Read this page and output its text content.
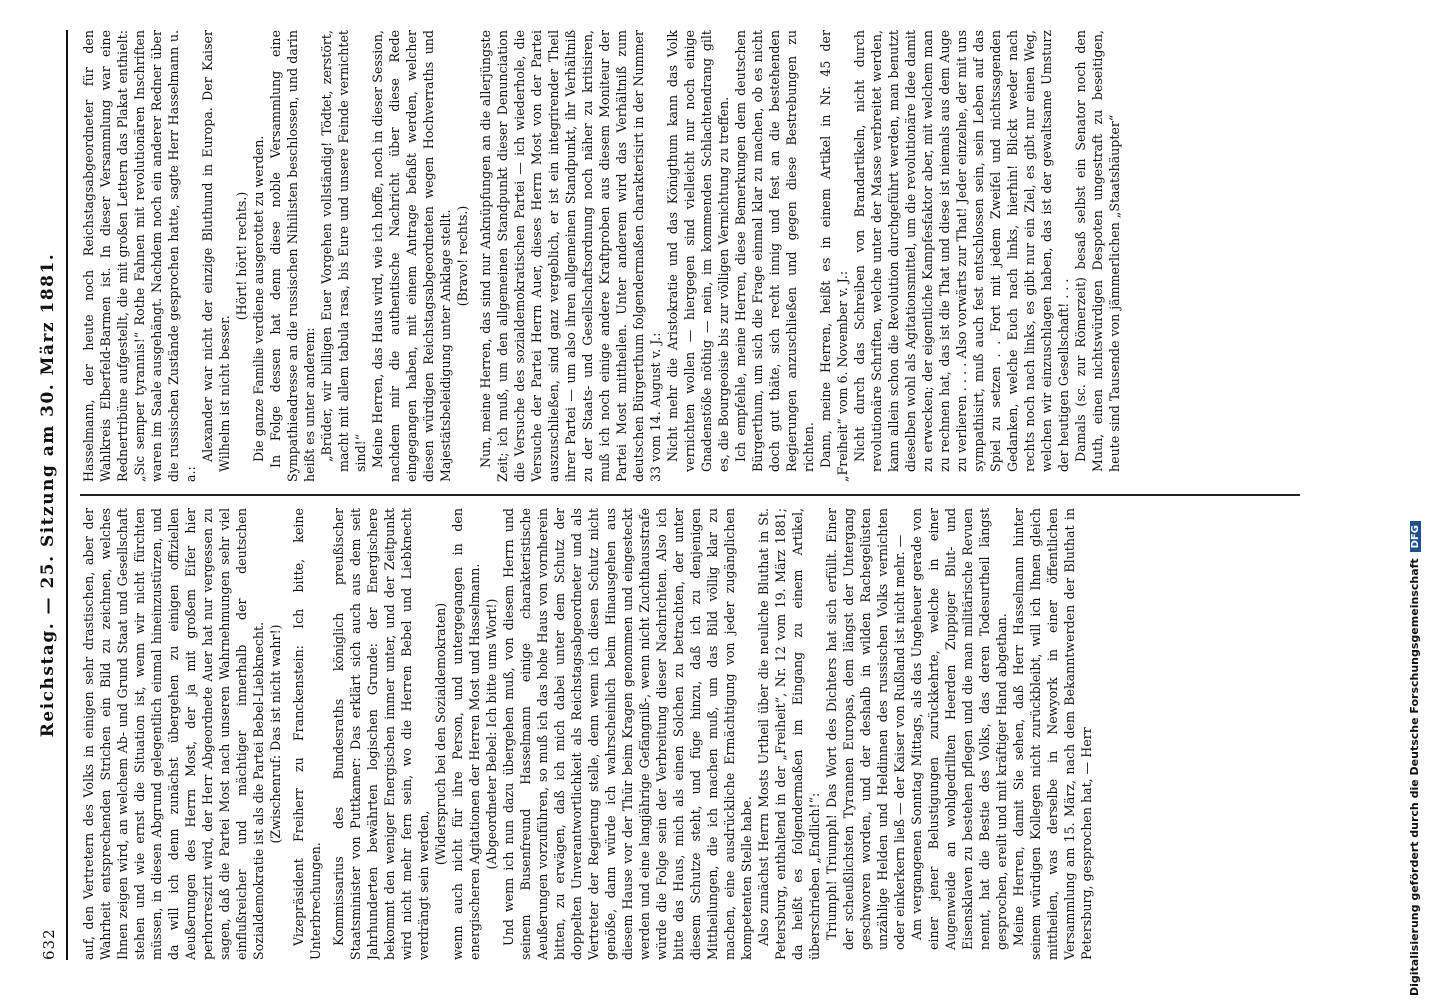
632
Reichstag. — 25. Sitzung am 30. März 1881. auf, den Vertretern des Volks in einigen sehr drastischen, aber der Wahrheit entsprechenden Strichen ein Bild zu zeichnen, welches Ihnen zeigen wird, an welchem Ab- und Grund Staat und Gesellschaft stehen und wie ernst die Situation ist, wenn wir nicht fürchten müssen, in diesen Abgrund gelegentlich einmal hineinzustürzen, und da will ich denn zunächst übergehen zu einigen offiziellen Aeußerungen des Herrn Most, der ja mit großem Eifer hier perhorreszirt wird, der Herr Abgeordnete Auer hat nur vergessen zu sagen, daß die Partei Most nach unseren Wahrnehmungen sehr viel einflußreicher und mächtiger innerhalb der deutschen Sozialdemokratie ist als die Partei Bebel-Liebknecht. (Zwischenruf: Das ist nicht wahr!) Vizepräsident Freiherr zu Franckenstein: Ich bitte, keine Unterbrechungen. Kommissarius des Bundesraths königlich preußischer Staatsminister von Puttkamer: Das erklärt sich auch aus dem seit Jahrhunderten bewährten logischen Grunde: der Energischere bekommt den weniger Energischen immer unter, und der Zeitpunkt wird nicht mehr fern sein, wo die Herren Bebel und Liebknecht verdrängt sein werden,

(Widerspruch bei den Sozialdemokraten) wenn auch nicht für ihre Person, und untergegangen in den energischeren Agitationen der Herren Most und Hasselmann. (Abgeordneter Bebel: Ich bitte ums Wort!) Und wenn ich nun dazu übergehen muß, von diesem Herrn und seinem Busenfreund Hasselmann einige charakteristische Aeußerungen vorzuführen, so muß ich das hohe Haus von vornherein bitten, zu erwägen, daß ich mich dabei unter dem Schutz der doppelten Unverantwortlichkeit als Reichstagsabgeordneter und als Vertreter der Regierung stelle, denn wenn ich diesen Schutz nicht genöße, dann würde ich wahrscheinlich beim Hinausgehen aus diesem Hause vor der Thür beim Kragen genommen und eingesteckt werden und eine langjährige Gefängniß-, wenn nicht Zuchthausstrafe würde die Folge sein der Verbreitung dieser Nachrichten. Also ich bitte das Haus, mich als einen Solchen zu betrachten, der unter diesem Schutze steht, und füge hinzu, daß ich zu denjenigen Mittheilungen, die ich machen muß, um das Bild völlig klar zu machen, eine ausdrückliche Ermächtigung von jeder zugänglichen kompetenten Stelle habe. Also zunächst Herrn Mosts Urtheil über die neuliche Bluthat in St. Petersburg, enthaltend in der „Freiheit“, Nr. 12 vom 19. März 1881; da heißt es folgendermaßen im Eingang zu einem Artikel, überschrieben „Endlich!“: Triumph! Triumph! Das Wort des Dichters hat sich erfüllt. Einer der scheußlichsten Tyrannen Europas, dem längst der Untergang geschworen worden, und der deshalb in wilden Rachegelüsten unzählige Helden und Heldinnen des russischen Volks vernichten oder einkerkern ließ — der Kaiser von Rußland ist nicht mehr. — Am vergangenen Sonntag Mittags, als das Ungeheuer gerade von einer jener Belustigungen zurückkehrte, welche in einer Augenweide an wohlgedrillten Heerden Zuppiger Blut- und Eisensklaven zu bestehen pflegen und die man militärische Revuen nennt, hat die Bestie des Volks, das deren Todesurtheil längst gesprochen, ereilt und mit kräftiger Hand abgethan. Meine Herren, damit Sie sehen, daß Herr Hasselmann hinter seinem würdigen Kollegen nicht zurückbleibt, will ich Ihnen gleich mittheilen, was derselbe in Newyork in einer öffentlichen Versammlung am 15. März, nach dem Bekanntwerden der Bluthat in Petersburg, gesprochen hat, — Herr

Hasselmann, der heute noch Reichstagsabgeordneter für den Wahlkreis Elberfeld-Barmen ist. In dieser Versammlung war eine Rednertribüne aufgestellt, die mit großen Lettern das Plakat enthielt: „Sic semper tyrannis!“ Rothe Fahnen mit revolutionären Inschriften waren im Saale ausgehängt. Nachdem noch ein anderer Redner über die russischen Zustände gesprochen hatte, sagte Herr Hasselmann u. a.:

Alexander war nicht der einzige Bluthund in Europa. Der Kaiser Wilhelm ist nicht besser.

(Hört! hört! rechts.) Die ganze Familie verdiene ausgerottet zu werden. In Folge dessen hat denn diese noble Versammlung eine Sympathieadresse an die russischen Nihilisten beschlossen, und darin heißt es unter anderem: „Brüder, wir billigen Euer Vorgehen vollständig! Tödtet, zerstört, macht mit allem tabula rasa, bis Eure und unsere Feinde vernichtet sind!“ Meine Herren, das Haus wird, wie ich hoffe, noch in dieser Session, nachdem mir die authentische Nachricht über diese Rede eingegangen haben, mit einem Antrage befaßt werden, welcher diesen würdigen Reichstagsabgeordneten wegen Hochverraths und Majestätsbeleidigung unter Anklage stellt. (Bravo! rechts.) Nun, meine Herren, das sind nur Anknüpfungen an die allerjüngste Zeit; ich muß, um den allgemeinen Standpunkt dieser Denunciation die Versuche des sozialdemokratischen Partei — ich wiederhole, die Versuche der Partei Herrn Auer, dieses Herrn Most von der Partei auszuschließen, sind ganz vergeblich, er ist ein integrirender Theil ihrer Partei — um also ihren allgemeinen Standpunkt, ihr Verhältniß zu der Staats- und Gesellschaftsordnung noch näher zu kritisiren, muß ich noch einige andere Kraftproben aus diesem Moniteur der Partei Most mittheilen. Unter anderem wird das Verhältniß zum deutschen Bürgerthum folgendermaßen charakterisirt in der Nummer 33 vom 14. August v. J.: Nicht mehr die Aristokratie und das Königthum kann das Volk vernichten wollen — hiergegen sind vielleicht nur noch einige Gnadenstöße nöthig — nein, im kommenden Schlachtendrang gilt es, die Bourgeoisie bis zur völligen Vernichtung zu treffen. Ich empfehle, meine Herren, diese Bemerkungen dem deutschen Bürgerthum, um sich die Frage einmal klar zu machen, ob es nicht doch gut thäte, sich recht innig und fest an die bestehenden Regierungen anzuschließen und gegen diese Bestrebungen zu richten. Dann, meine Herren, heißt es in einem Artikel in Nr. 45 der „Freiheit“ vom 6. November v. J.: Nicht durch das Schreiben von Brandartikeln, nicht durch revolutionäre Schriften, welche unter der Masse verbreitet werden, kann allein schon die Revolution durchgeführt werden, man benutzt dieselben wohl als Agitationsmittel, um die revolutionäre Idee damit zu erwecken; der eigentliche Kampfesfaktor aber, mit welchem man zu rechnen hat, das ist die That und diese ist niemals aus dem Auge zu verlieren . . . . Also vorwärts zur That! Jeder einzelne, der mit uns sympathisirt, muß auch fest entschlossen sein, sein Leben auf das Spiel zu setzen . . Fort mit jedem Zweifel und nichtssagenden Gedanken, welche Euch nach links, hierhin! Blickt weder nach rechts noch nach links, es gibt nur ein Ziel, es gibt nur einen Weg, welchen wir einzuschlagen haben, das ist der gewaltsame Umsturz der heutigen Gesellschaft! . . . Damals (sc. zur Römerzeit) besaß selbst ein Senator noch den Muth, einen nichtswürdigen Despoten ungestraft zu beseitigen, heute sind Tausende von jämmerlichen „Staatshäupter“

Digitalisierung gefördert durch die Deutsche ForschungsgemeinschaftDFG
